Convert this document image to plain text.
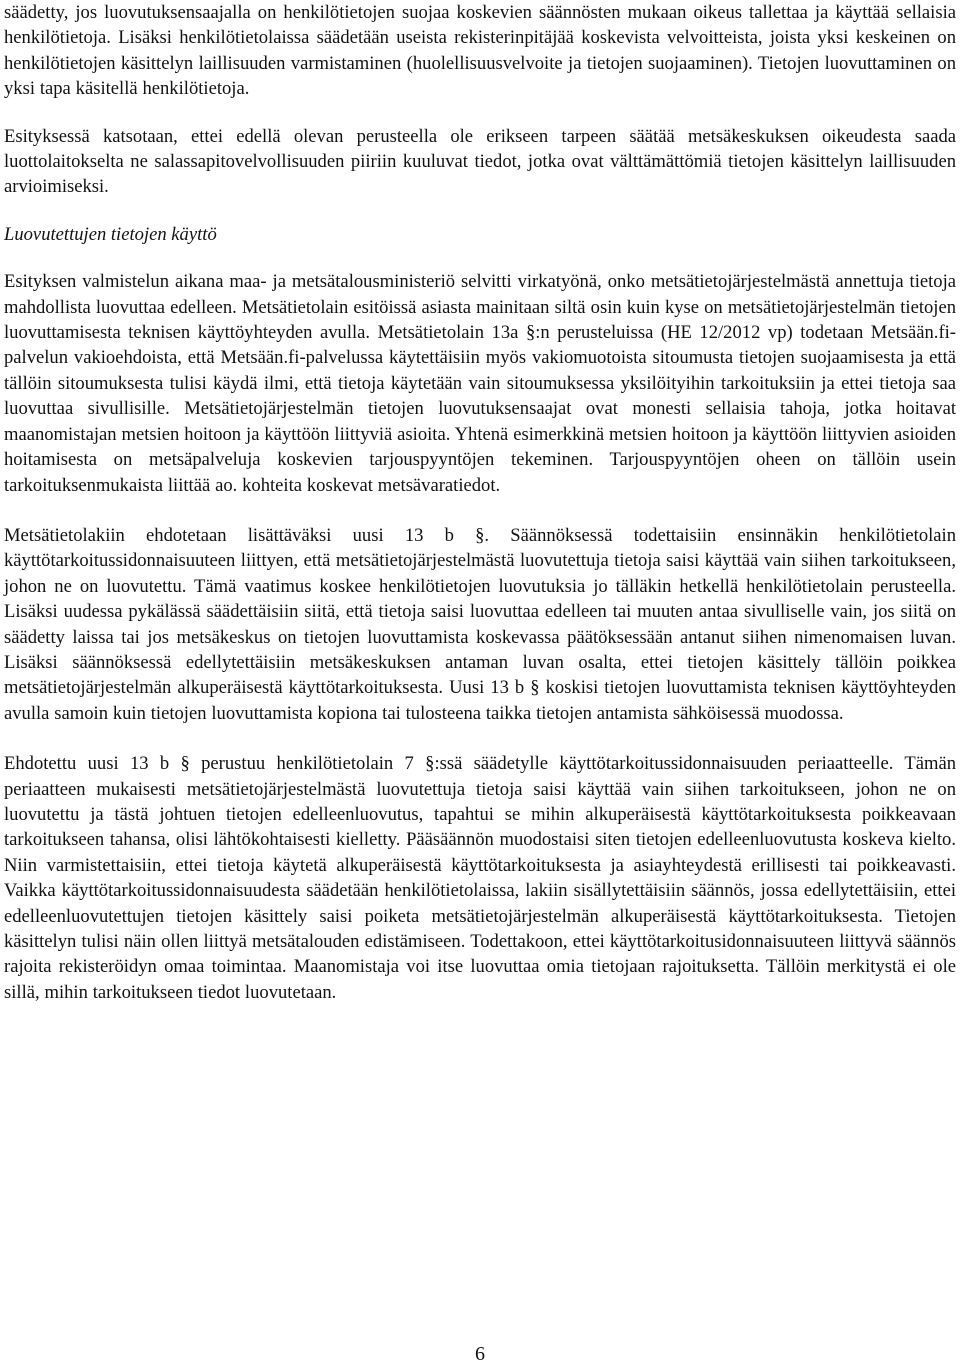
säädetty, jos luovutuksensaajalla on henkilötietojen suojaa koskevien säännösten mukaan oikeus tallettaa ja käyttää sellaisia henkilötietoja. Lisäksi henkilötietolaissa säädetään useista rekisterinpitäjää koskevista velvoitteista, joista yksi keskeinen on henkilötietojen käsittelyn laillisuuden varmistaminen (huolellisuusvelvoite ja tietojen suojaaminen). Tietojen luovuttaminen on yksi tapa käsitellä henkilötietoja.

Esityksessä katsotaan, ettei edellä olevan perusteella ole erikseen tarpeen säätää metsäkeskuksen oikeudesta saada luottolaitokselta ne salassapitovelvollisuuden piiriin kuuluvat tiedot, jotka ovat välttämättömiä tietojen käsittelyn laillisuuden arvioimiseksi.

Luovutettujen tietojen käyttö

Esityksen valmistelun aikana maa- ja metsätalousministeriö selvitti virkatyönä, onko metsätietojärjestelmästä annettuja tietoja mahdollista luovuttaa edelleen. Metsätietolain esitöissä asiasta mainitaan siltä osin kuin kyse on metsätietojärjestelmän tietojen luovuttamisesta teknisen käyttöyhteyden avulla. Metsätietolain 13a §:n perusteluissa (HE 12/2012 vp) todetaan Metsään.fi-palvelun vakioehdoista, että Metsään.fi-palvelussa käytettäisiin myös vakiomuotoista sitoumusta tietojen suojaamisesta ja että tällöin sitoumuksesta tulisi käydä ilmi, että tietoja käytetään vain sitoumuksessa yksilöityihin tarkoituksiin ja ettei tietoja saa luovuttaa sivullisille. Metsätietojärjestelmän tietojen luovutuksensaajat ovat monesti sellaisia tahoja, jotka hoitavat maanomistajan metsien hoitoon ja käyttöön liittyviä asioita. Yhtenä esimerkkinä metsien hoitoon ja käyttöön liittyvien asioiden hoitamisesta on metsäpalveluja koskevien tarjouspyyntöjen tekeminen. Tarjouspyyntöjen oheen on tällöin usein tarkoituksenmukaista liittää ao. kohteita koskevat metsävaratiedot.

Metsätietolakiin ehdotetaan lisättäväksi uusi 13 b §. Säännöksessä todettaisiin ensinnäkin henkilötietolain käyttötarkoitussidonnaisuuteen liittyen, että metsätietojärjestelmästä luovutettuja tietoja saisi käyttää vain siihen tarkoitukseen, johon ne on luovutettu. Tämä vaatimus koskee henkilötietojen luovutuksia jo tälläkin hetkellä henkilötietolain perusteella. Lisäksi uudessa pykälässä säädettäisiin siitä, että tietoja saisi luovuttaa edelleen tai muuten antaa sivulliselle vain, jos siitä on säädetty laissa tai jos metsäkeskus on tietojen luovuttamista koskevassa päätöksessään antanut siihen nimenomaisen luvan. Lisäksi säännöksessä edellytettäisiin metsäkeskuksen antaman luvan osalta, ettei tietojen käsittely tällöin poikkea metsätietojärjestelmän alkuperäisestä käyttötarkoituksesta. Uusi 13 b § koskisi tietojen luovuttamista teknisen käyttöyhteyden avulla samoin kuin tietojen luovuttamista kopiona tai tulosteena taikka tietojen antamista sähköisessä muodossa.

Ehdotettu uusi 13 b § perustuu henkilötietolain 7 §:ssä säädetylle käyttötarkoitussidonnaisuuden periaatteelle. Tämän periaatteen mukaisesti metsätietojärjestelmästä luovutettuja tietoja saisi käyttää vain siihen tarkoitukseen, johon ne on luovutettu ja tästä johtuen tietojen edelleenluovutus, tapahtui se mihin alkuperäisestä käyttötarkoituksesta poikkeavaan tarkoitukseen tahansa, olisi lähtökohtaisesti kielletty. Pääsäännön muodostaisi siten tietojen edelleenluovutusta koskeva kielto. Niin varmistettaisiin, ettei tietoja käytetä alkuperäisestä käyttötarkoituksesta ja asiayhteydestä erillisesti tai poikkeavasti. Vaikka käyttötarkoitussidonnaisuudesta säädetään henkilötietolaissa, lakiin sisällytettäisiin säännös, jossa edellytettäisiin, ettei edelleenluovutettujen tietojen käsittely saisi poiketa metsätietojärjestelmän alkuperäisestä käyttötarkoituksesta. Tietojen käsittelyn tulisi näin ollen liittyä metsätalouden edistämiseen. Todettakoon, ettei käyttötarkoitusidonnaisuuteen liittyvä säännös rajoita rekisteröidyn omaa toimintaa. Maanomistaja voi itse luovuttaa omia tietojaan rajoituksetta. Tällöin merkitystä ei ole sillä, mihin tarkoitukseen tiedot luovutetaan.

6
